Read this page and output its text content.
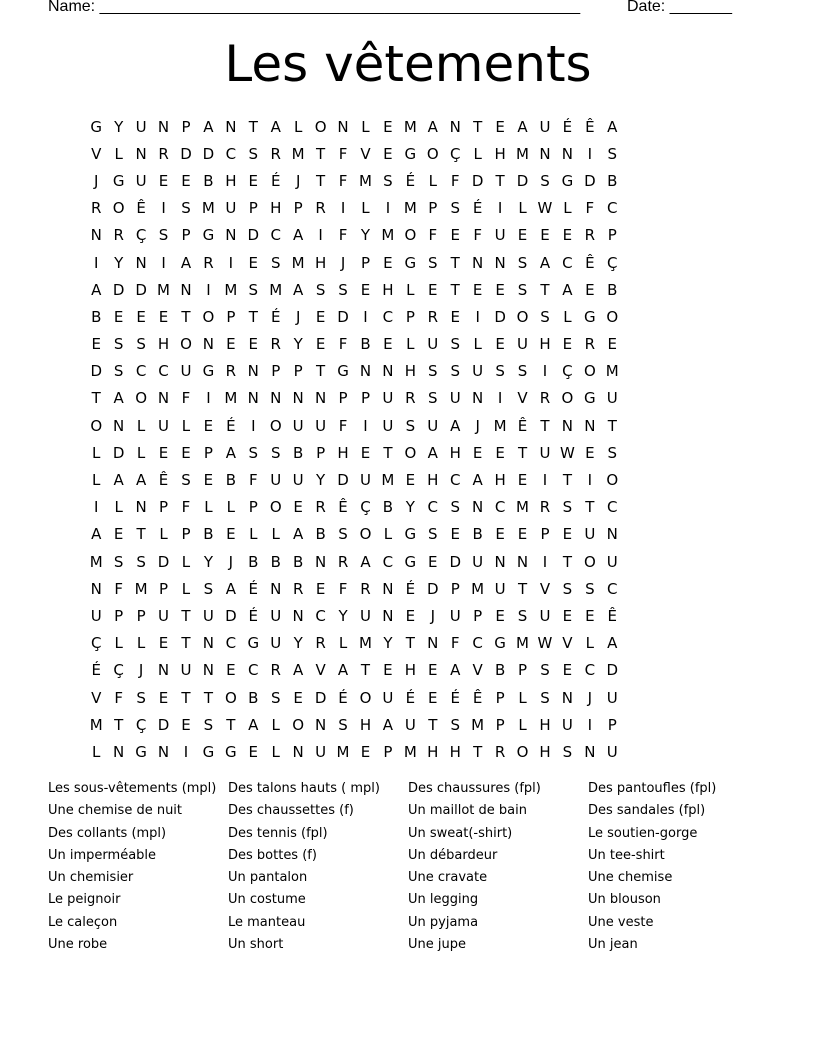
Name: ______________________________________________________	Date: _______
Les vêtements
G Y U N P A N T A L O N L E M A N T E A U É Ê A
V L N R D D C S R M T F V E G O Ç L H M N N I	S
J G U E E B H E É	J	T F M S É L F D T D S G D B
R O Ê	I	S M U P H P R	I	L	I M P S É	I	L W L F C
N R Ç S P G N D C A	I	F Y M O F E F U E E E R P
I	Y N I	A R	I	E S M H J	P E G S T N N S A C Ê Ç
A D D M N I M S M A S S E H L E T E E S T A E B
B E E E T O P T É	J	E D I C P R E	I D O S L G O
E S S H O N E E R Y E F B E L U S L E U H E R E
D S C C U G R N P P T G N N H S S U S S	I Ç O M
T A O N F	I M N N N N P P U R S U N I	V R O G U
O N L U L E É	I O U U F	I U S U A	J M Ê T N N T
L D L E E P A S S B P H E T O A H E E T U W E S
L A A Ê S E B F U U Y D U M E H C A H E	I	T	I O
I	L N P F L L P O E R Ê Ç B Y C S N C M R S T C
A E T L P B E L L A B S O L G S E B E E P E U N
M S S D L Y	J	B B B N R A C G E D U N N I	T O U
N F M P L S A É N R E F R N É D P M U T V S S C
U P P U T U D É U N C Y U N E	J U P E S U E E Ê
Ç L L E T N C G U Y R L M Y T N F C G M W V L A
É Ç J N U N E C R A V A T E H E A V B P S E C D
V F S E T T O B S E D É O U É E É Ê P L S N J U
M T Ç D E S T A L O N S H A U T S M P L H U I	P
L N G N I G G E L N U M E P M H H T R O H S N U
Les sous-vêtements (mpl)
Une chemise de nuit
Des collants (mpl)
Un imperméable
Un chemisier
Le peignoir
Le caleçon
Une robe
Des talons hauts ( mpl)
Des chaussettes (f)
Des tennis (fpl)
Des bottes (f)
Un pantalon
Un costume
Le manteau
Un short
Des chaussures (fpl)
Un maillot de bain
Un sweat(-shirt)
Un débardeur
Une cravate
Un legging
Un pyjama
Une jupe
Des pantoufles (fpl)
Des sandales (fpl)
Le soutien-gorge
Un tee-shirt
Une chemise
Un blouson
Une veste
Un jean
